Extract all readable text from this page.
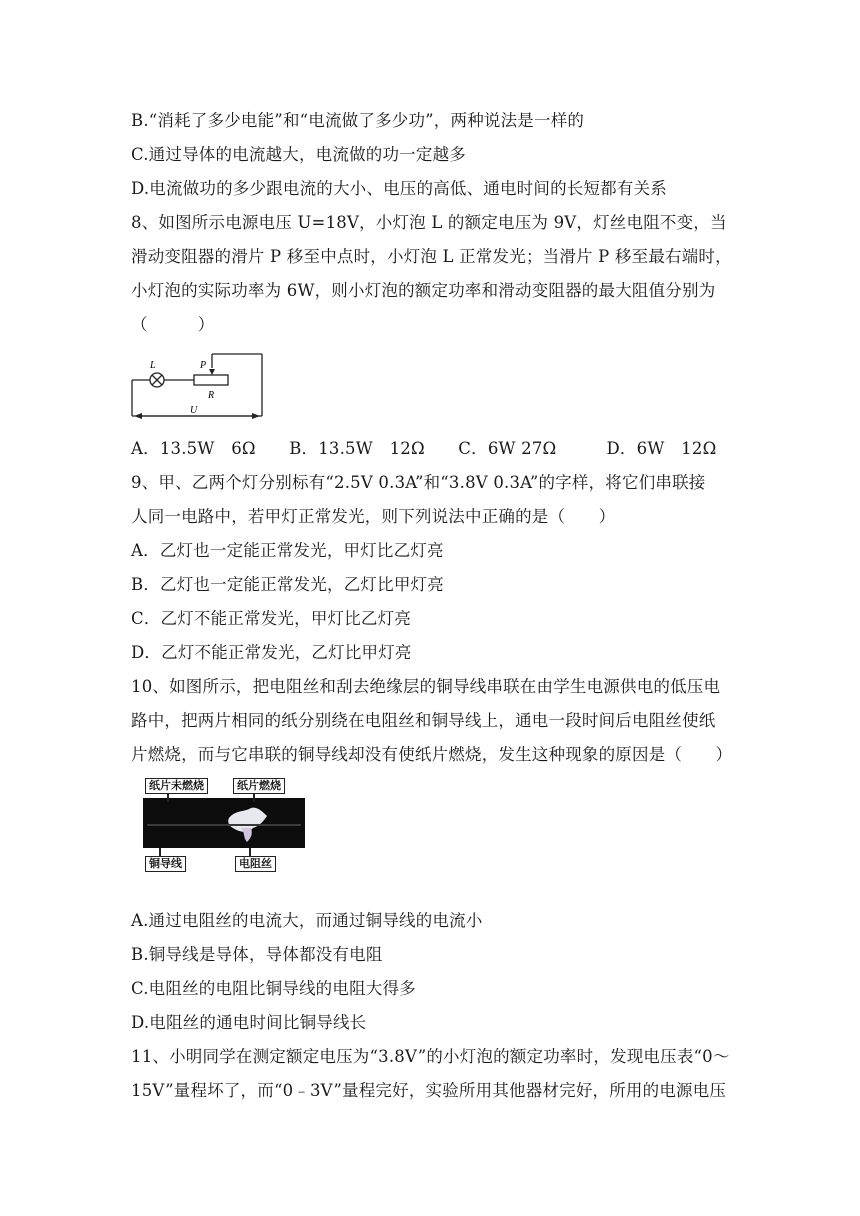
B.“消耗了多少电能”和“电流做了多少功”，两种说法是一样的
C.通过导体的电流越大，电流做的功一定越多
D.电流做功的多少跟电流的大小、电压的高低、通电时间的长短都有关系
8、如图所示电源电压 U=18V，小灯泡 L 的额定电压为 9V，灯丝电阻不变，当
滑动变阻器的滑片 P 移至中点时，小灯泡 L 正常发光；当滑片 P 移至最右端时，
小灯泡的实际功率为 6W，则小灯泡的额定功率和滑动变阻器的最大阻值分别为
（　　　）
L	P
R
U
A．13.5W　6Ω　　B．13.5W　12Ω　　C．6W 27Ω　　　D．6W　12Ω
9、甲、乙两个灯分别标有“2.5V 0.3A”和“3.8V 0.3A”的字样，将它们串联接
人同一电路中，若甲灯正常发光，则下列说法中正确的是（　　）
A．乙灯也一定能正常发光，甲灯比乙灯亮
B．乙灯也一定能正常发光，乙灯比甲灯亮
C．乙灯不能正常发光，甲灯比乙灯亮
D．乙灯不能正常发光，乙灯比甲灯亮
10、如图所示，把电阻丝和刮去绝缘层的铜导线串联在由学生电源供电的低压电
路中，把两片相同的纸分别绕在电阻丝和铜导线上，通电一段时间后电阻丝使纸
片燃烧，而与它串联的铜导线却没有使纸片燃烧，发生这种现象的原因是（　　）
纸片未燃烧	纸片燃烧
铜导线	电阻丝
A.通过电阻丝的电流大，而通过铜导线的电流小
B.铜导线是导体，导体都没有电阻
C.电阻丝的电阻比铜导线的电阻大得多
D.电阻丝的通电时间比铜导线长
11、小明同学在测定额定电压为“3.8V”的小灯泡的额定功率时，发现电压表“0～
15V”量程坏了，而“0﹣3V”量程完好，实验所用其他器材完好，所用的电源电压
